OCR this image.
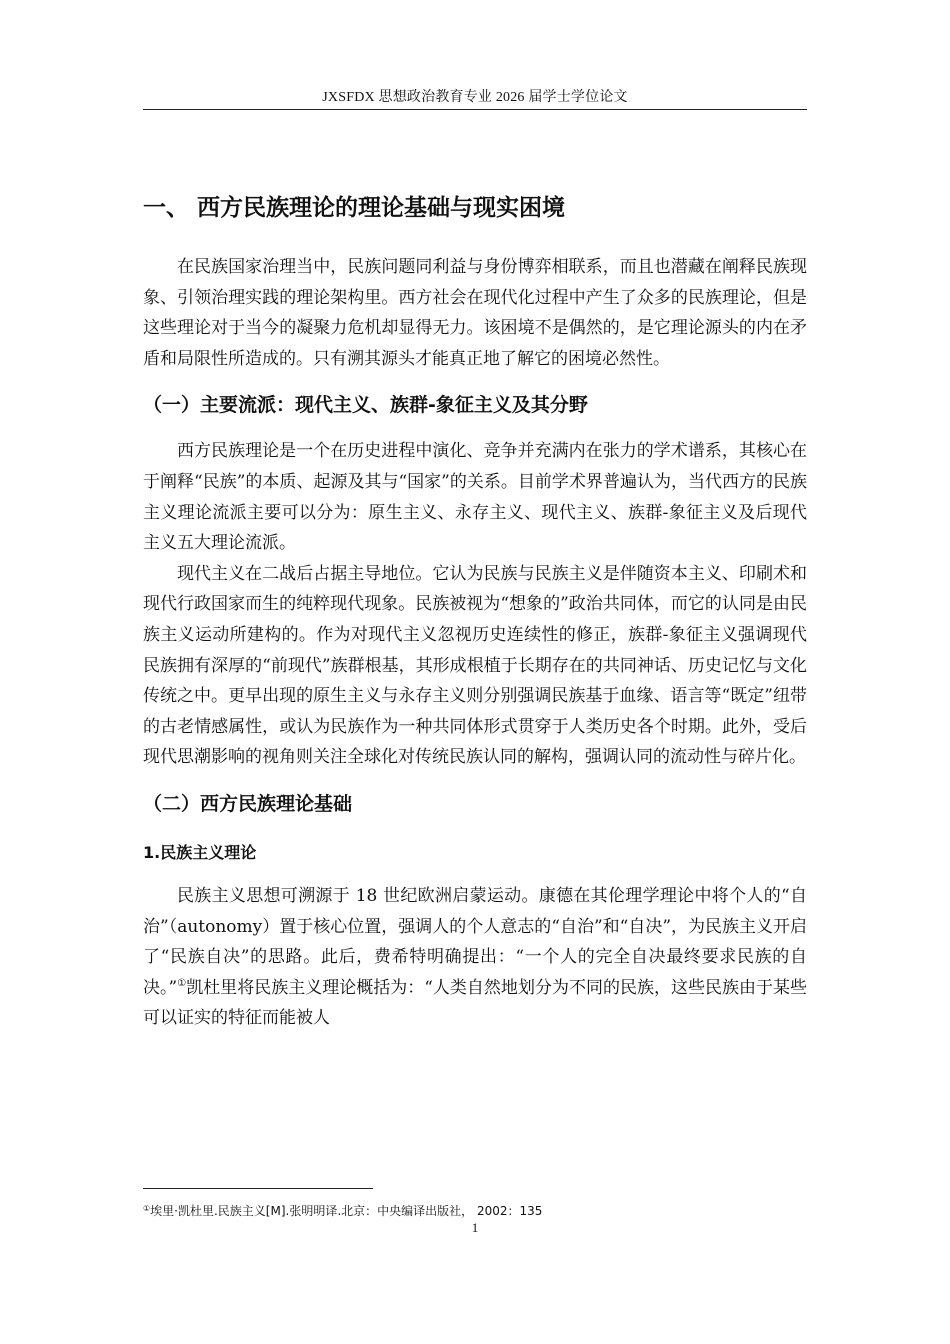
JXSFDX 思想政治教育专业 2026 届学士学位论文
一、 西方民族理论的理论基础与现实困境

在民族国家治理当中，民族问题同利益与身份博弈相联系，而且也潜藏在阐释民族现象、引领治理实践的理论架构里。西方社会在现代化过程中产生了众多的民族理论，但是这些理论对于当今的凝聚力危机却显得无力。该困境不是偶然的，是它理论源头的内在矛盾和局限性所造成的。只有溯其源头才能真正地了解它的困境必然性。

（一）主要流派：现代主义、族群-象征主义及其分野

西方民族理论是一个在历史进程中演化、竞争并充满内在张力的学术谱系，其核心在于阐释“民族”的本质、起源及其与“国家”的关系。目前学术界普遍认为，当代西方的民族主义理论流派主要可以分为：原生主义、永存主义、现代主义、族群-象征主义及后现代主义五大理论流派。

现代主义在二战后占据主导地位。它认为民族与民族主义是伴随资本主义、印刷术和现代行政国家而生的纯粹现代现象。民族被视为“想象的”政治共同体，而它的认同是由民族主义运动所建构的。作为对现代主义忽视历史连续性的修正，族群-象征主义强调现代民族拥有深厚的“前现代”族群根基，其形成根植于长期存在的共同神话、历史记忆与文化传统之中。更早出现的原生主义与永存主义则分别强调民族基于血缘、语言等“既定”纽带的古老情感属性，或认为民族作为一种共同体形式贯穿于人类历史各个时期。此外，受后现代思潮影响的视角则关注全球化对传统民族认同的解构，强调认同的流动性与碎片化。

（二）西方民族理论基础
1.民族主义理论

民族主义思想可溯源于 18 世纪欧洲启蒙运动。康德在其伦理学理论中将个人的“自治”（autonomy）置于核心位置，强调人的个人意志的“自治”和“自决”，为民族主义开启了“民族自决”的思路。此后，费希特明确提出：“一个人的完全自决最终要求民族的自决。”①凯杜里将民族主义理论概括为：“人类自然地划分为不同的民族，这些民族由于某些可以证实的特征而能被人

①埃里·凯杜里.民族主义[M].张明明译.北京：中央编译出版社， 2002：135
1
